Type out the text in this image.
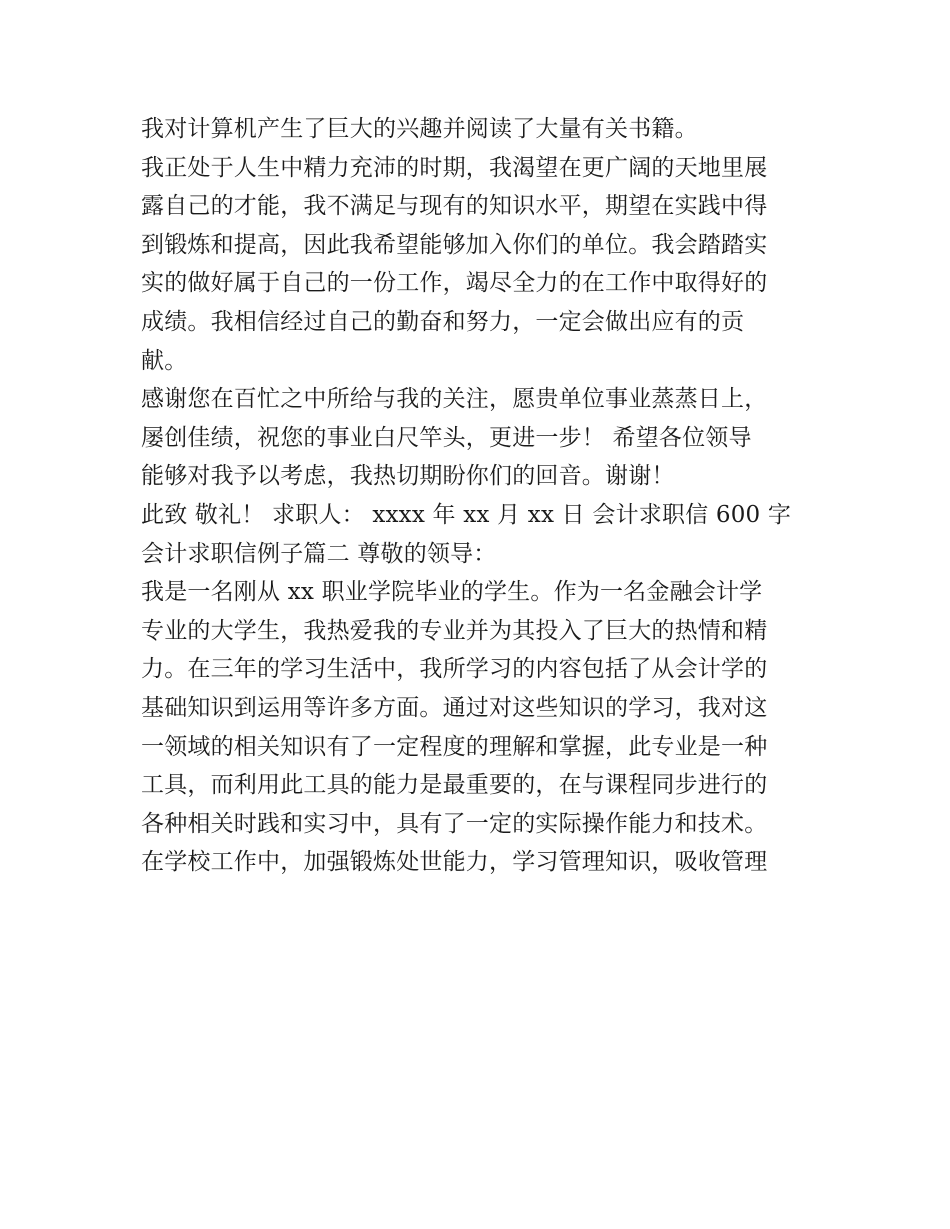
我对计算机产生了巨大的兴趣并阅读了大量有关书籍。
我正处于人生中精力充沛的时期，我渴望在更广阔的天地里展
露自己的才能，我不满足与现有的知识水平，期望在实践中得
到锻炼和提高，因此我希望能够加入你们的单位。我会踏踏实
实的做好属于自己的一份工作，竭尽全力的在工作中取得好的
成绩。我相信经过自己的勤奋和努力，一定会做出应有的贡
献。
感谢您在百忙之中所给与我的关注，愿贵单位事业蒸蒸日上，
屡创佳绩，祝您的事业白尺竿头，更进一步！ 希望各位领导
能够对我予以考虑，我热切期盼你们的回音。谢谢！
此致 敬礼！ 求职人： xxxx 年 xx 月 xx 日 会计求职信 600 字
会计求职信例子篇二 尊敬的领导：
我是一名刚从 xx 职业学院毕业的学生。作为一名金融会计学
专业的大学生，我热爱我的专业并为其投入了巨大的热情和精
力。在三年的学习生活中，我所学习的内容包括了从会计学的
基础知识到运用等许多方面。通过对这些知识的学习，我对这
一领域的相关知识有了一定程度的理解和掌握，此专业是一种
工具，而利用此工具的能力是最重要的，在与课程同步进行的
各种相关时践和实习中，具有了一定的实际操作能力和技术。
在学校工作中，加强锻炼处世能力，学习管理知识，吸收管理
